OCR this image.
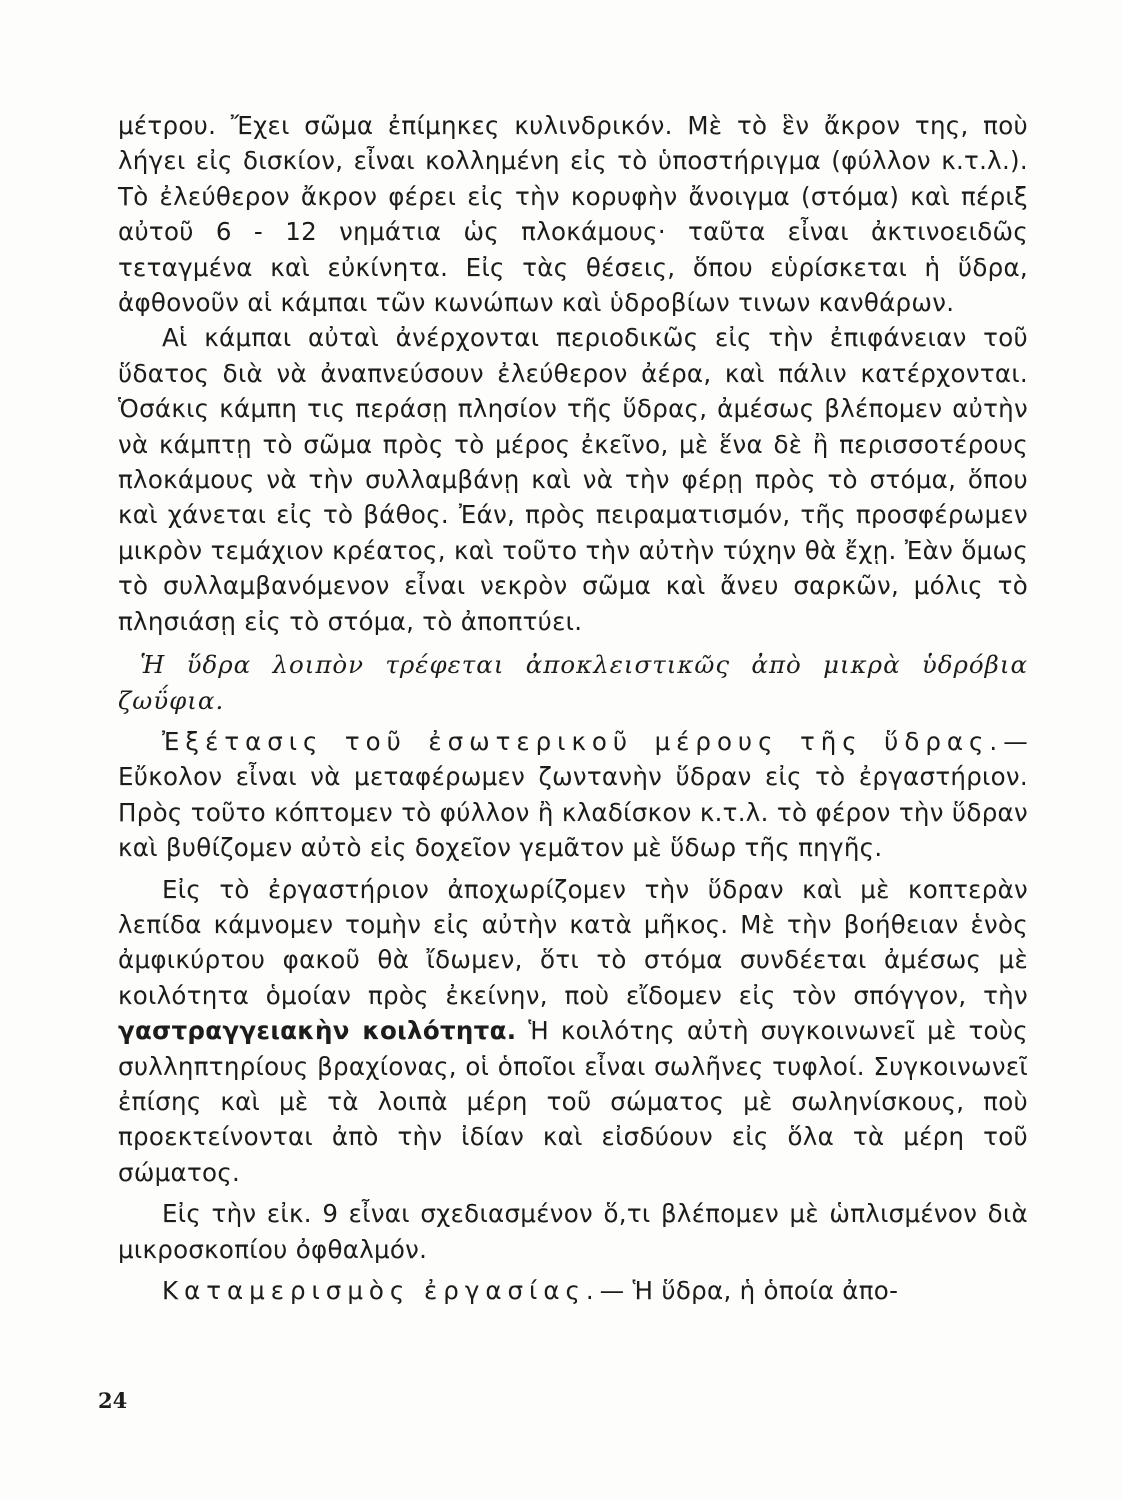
μέτρου. Ἔχει σῶμα ἐπίμηκες κυλινδρικόν. Μὲ τὸ ἓν ἄκρον της, ποὺ λήγει εἰς δισκίον, εἶναι κολλημένη εἰς τὸ ὑποστήριγμα (φύλλον κ.τ.λ.). Τὸ ἐλεύθερον ἄκρον φέρει εἰς τὴν κορυφὴν ἄνοιγμα (στόμα) καὶ πέριξ αὐτοῦ 6 - 12 νημάτια ὡς πλοκάμους· ταῦτα εἶναι ἀκτινοειδῶς τεταγμένα καὶ εὐκίνητα. Εἰς τὰς θέσεις, ὅπου εὑρίσκεται ἡ ὕδρα, ἀφθονοῦν αἱ κάμπαι τῶν κωνώπων καὶ ὑδροβίων τινων κανθάρων.

Αἱ κάμπαι αὐταὶ ἀνέρχονται περιοδικῶς εἰς τὴν ἐπιφάνειαν τοῦ ὕδατος διὰ νὰ ἀναπνεύσουν ἐλεύθερον ἀέρα, καὶ πάλιν κατέρχονται. Ὁσάκις κάμπη τις περάσῃ πλησίον τῆς ὕδρας, ἀμέσως βλέπομεν αὐτὴν νὰ κάμπτῃ τὸ σῶμα πρὸς τὸ μέρος ἐκεῖνο, μὲ ἕνα δὲ ἢ περισσοτέρους πλοκάμους νὰ τὴν συλλαμβάνῃ καὶ νὰ τὴν φέρῃ πρὸς τὸ στόμα, ὅπου καὶ χάνεται εἰς τὸ βάθος. Ἐάν, πρὸς πειραματισμόν, τῆς προσφέρωμεν μικρὸν τεμάχιον κρέατος, καὶ τοῦτο τὴν αὐτὴν τύχην θὰ ἔχῃ. Ἐὰν ὅμως τὸ συλλαμβανόμενον εἶναι νεκρὸν σῶμα καὶ ἄνευ σαρκῶν, μόλις τὸ πλησιάσῃ εἰς τὸ στόμα, τὸ ἀποπτύει.

Ἡ ὕδρα λοιπὸν τρέφεται ἀποκλειστικῶς ἀπὸ μικρὰ ὑδρόβια ζωΰφια.

Ἐξέτασις τοῦ ἐσωτερικοῦ μέρους τῆς ὕδρας.— Εὔκολον εἶναι νὰ μεταφέρωμεν ζωντανὴν ὕδραν εἰς τὸ ἐργαστήριον. Πρὸς τοῦτο κόπτομεν τὸ φύλλον ἢ κλαδίσκον κ.τ.λ. τὸ φέρον τὴν ὕδραν καὶ βυθίζομεν αὐτὸ εἰς δοχεῖον γεμᾶτον μὲ ὕδωρ τῆς πηγῆς.

Εἰς τὸ ἐργαστήριον ἀποχωρίζομεν τὴν ὕδραν καὶ μὲ κοπτερὰν λεπίδα κάμνομεν τομὴν εἰς αὐτὴν κατὰ μῆκος. Μὲ τὴν βοήθειαν ἑνὸς ἀμφικύρτου φακοῦ θὰ ἴδωμεν, ὅτι τὸ στόμα συνδέεται ἀμέσως μὲ κοιλότητα ὁμοίαν πρὸς ἐκείνην, ποὺ εἴδομεν εἰς τὸν σπόγγον, τὴν γαστραγγειακὴν κοιλότητα. Ἡ κοιλότης αὐτὴ συγκοινωνεῖ μὲ τοὺς συλληπτηρίους βραχίονας, οἱ ὁποῖοι εἶναι σωλῆνες τυφλοί. Συγκοινωνεῖ ἐπίσης καὶ μὲ τὰ λοιπὰ μέρη τοῦ σώματος μὲ σωληνίσκους, ποὺ προεκτείνονται ἀπὸ τὴν ἰδίαν καὶ εἰσδύουν εἰς ὅλα τὰ μέρη τοῦ σώματος.

Εἰς τὴν εἰκ. 9 εἶναι σχεδιασμένον ὅ,τι βλέπομεν μὲ ὡπλισμένον διὰ μικροσκοπίου ὀφθαλμόν.

Καταμερισμὸς ἐργασίας.— Ἡ ὕδρα, ἡ ὁποία ἀπο-

24
